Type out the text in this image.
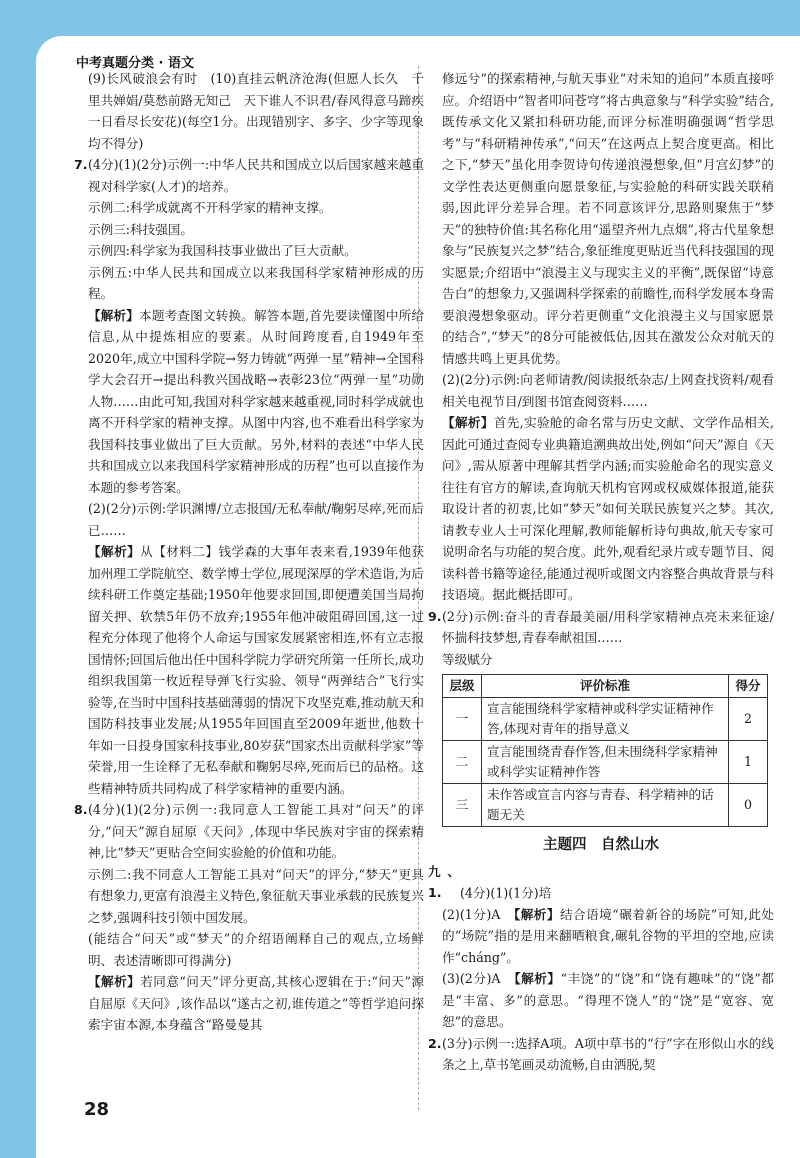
中考真题分类 · 语文

(9)长风破浪会有时　(10)直挂云帆济沧海(但愿人长久　千里共婵娟/莫愁前路无知己　天下谁人不识君/春风得意马蹄疾　一日看尽长安花)(每空1分。出现错别字、多字、少字等现象均不得分)

7.(4分)(1)(2分)示例一:中华人民共和国成立以后国家越来越重视对科学家(人才)的培养。

示例二:科学成就离不开科学家的精神支撑。

示例三:科技强国。

示例四:科学家为我国科技事业做出了巨大贡献。

示例五:中华人民共和国成立以来我国科学家精神形成的历程。

【解析】本题考查图文转换。解答本题,首先要读懂图中所给信息,从中提炼相应的要素。从时间跨度看,自1949年至2020年,成立中国科学院→努力铸就“两弹一星”精神→全国科学大会召开→提出科教兴国战略→表彰23位“两弹一星”功勋人物……由此可知,我国对科学家越来越重视,同时科学成就也离不开科学家的精神支撑。从图中内容,也不难看出科学家为我国科技事业做出了巨大贡献。另外,材料的表述“中华人民共和国成立以来我国科学家精神形成的历程”也可以直接作为本题的参考答案。

(2)(2分)示例:学识渊博/立志报国/无私奉献/鞠躬尽瘁,死而后已……

【解析】从【材料二】钱学森的大事年表来看,1939年他获加州理工学院航空、数学博士学位,展现深厚的学术造诣,为后续科研工作奠定基础;1950年他要求回国,即便遭美国当局拘留关押、软禁5年仍不放弃;1955年他冲破阻碍回国,这一过程充分体现了他将个人命运与国家发展紧密相连,怀有立志报国情怀;回国后他出任中国科学院力学研究所第一任所长,成功组织我国第一枚近程导弹飞行实验、领导“两弹结合”飞行实验等,在当时中国科技基础薄弱的情况下攻坚克难,推动航天和国防科技事业发展;从1955年回国直至2009年逝世,他数十年如一日投身国家科技事业,80岁获“国家杰出贡献科学家”等荣誉,用一生诠释了无私奉献和鞠躬尽瘁,死而后已的品格。这些精神特质共同构成了科学家精神的重要内涵。

8.(4分)(1)(2分)示例一:我同意人工智能工具对“问天”的评分,“问天”源自屈原《天问》,体现中华民族对宇宙的探索精神,比“梦天”更贴合空间实验舱的价值和功能。

示例二:我不同意人工智能工具对“问天”的评分,“梦天”更具有想象力,更富有浪漫主义特色,象征航天事业承载的民族复兴之梦,强调科技引领中国发展。

(能结合“问天”或“梦天”的介绍语阐释自己的观点,立场鲜明、表述清晰即可得满分)

【解析】若同意“问天”评分更高,其核心逻辑在于:“问天”源自屈原《天问》,该作品以“遂古之初,谁传道之”等哲学追问探索宇宙本源,本身蕴含“路曼曼其

修远兮”的探索精神,与航天事业“对未知的追问”本质直接呼应。介绍语中“智者叩问苍穹”将古典意象与“科学实验”结合,既传承文化又紧扣科研功能,而评分标准明确强调“哲学思考”与“科研精神传承”,“问天”在这两点上契合度更高。相比之下,“梦天”虽化用李贺诗句传递浪漫想象,但“月宫幻梦”的文学性表达更侧重向愿景象征,与实验舱的科研实践关联稍弱,因此评分差异合理。若不同意该评分,思路则聚焦于“梦天”的独特价值:其名称化用“遥望齐州九点烟”,将古代星象想象与“民族复兴之梦”结合,象征维度更贴近当代科技强国的现实愿景;介绍语中“浪漫主义与现实主义的平衡”,既保留“诗意告白”的想象力,又强调科学探索的前瞻性,而科学发展本身需要浪漫想象驱动。评分若更侧重“文化浪漫主义与国家愿景的结合”,“梦天”的8分可能被低估,因其在激发公众对航天的情感共鸣上更具优势。

(2)(2分)示例:向老师请教/阅读报纸杂志/上网查找资料/观看相关电视节目/到图书馆查阅资料……

【解析】首先,实验舱的命名常与历史文献、文学作品相关,因此可通过查阅专业典籍追溯典故出处,例如“问天”源自《天问》,需从原著中理解其哲学内涵;而实验舱命名的现实意义往往有官方的解读,查询航天机构官网或权威媒体报道,能获取设计者的初衷,比如“梦天”如何关联民族复兴之梦。其次,请教专业人士可深化理解,教师能解析诗句典故,航天专家可说明命名与功能的契合度。此外,观看纪录片或专题节目、阅读科普书籍等途径,能通过视听或图文内容整合典故背景与科技语境。据此概括即可。

9.(2分)示例:奋斗的青春最美丽/用科学家精神点亮未来征途/怀揣科技梦想,青春奉献祖国……

等级赋分

层级	评价标准	得分
一	宣言能围绕科学家精神或科学实证精神作答,体现对青年的指导意义	2
二	宣言能围绕青春作答,但未围绕科学家精神或科学实证精神作答	1
三	未作答或宣言内容与青春、科学精神的话题无关	0
主题四　自然山水

九、1. (4分)(1)(1分)培

(2)(1分)A　 【解析】结合语境“碾着新谷的场院”可知,此处的“场院”指的是用来翻晒粮食,碾轧谷物的平坦的空地,应读作“cháng”。

(3)(2分)A　 【解析】“丰饶”的“饶”和“饶有趣味”的“饶”都是“丰富、多”的意思。“得理不饶人”的“饶”是“宽容、宽恕”的意思。

2.(3分)示例一:选择A项。A项中草书的“行”字在形似山水的线条之上,草书笔画灵动流畅,自由洒脱,契

28
